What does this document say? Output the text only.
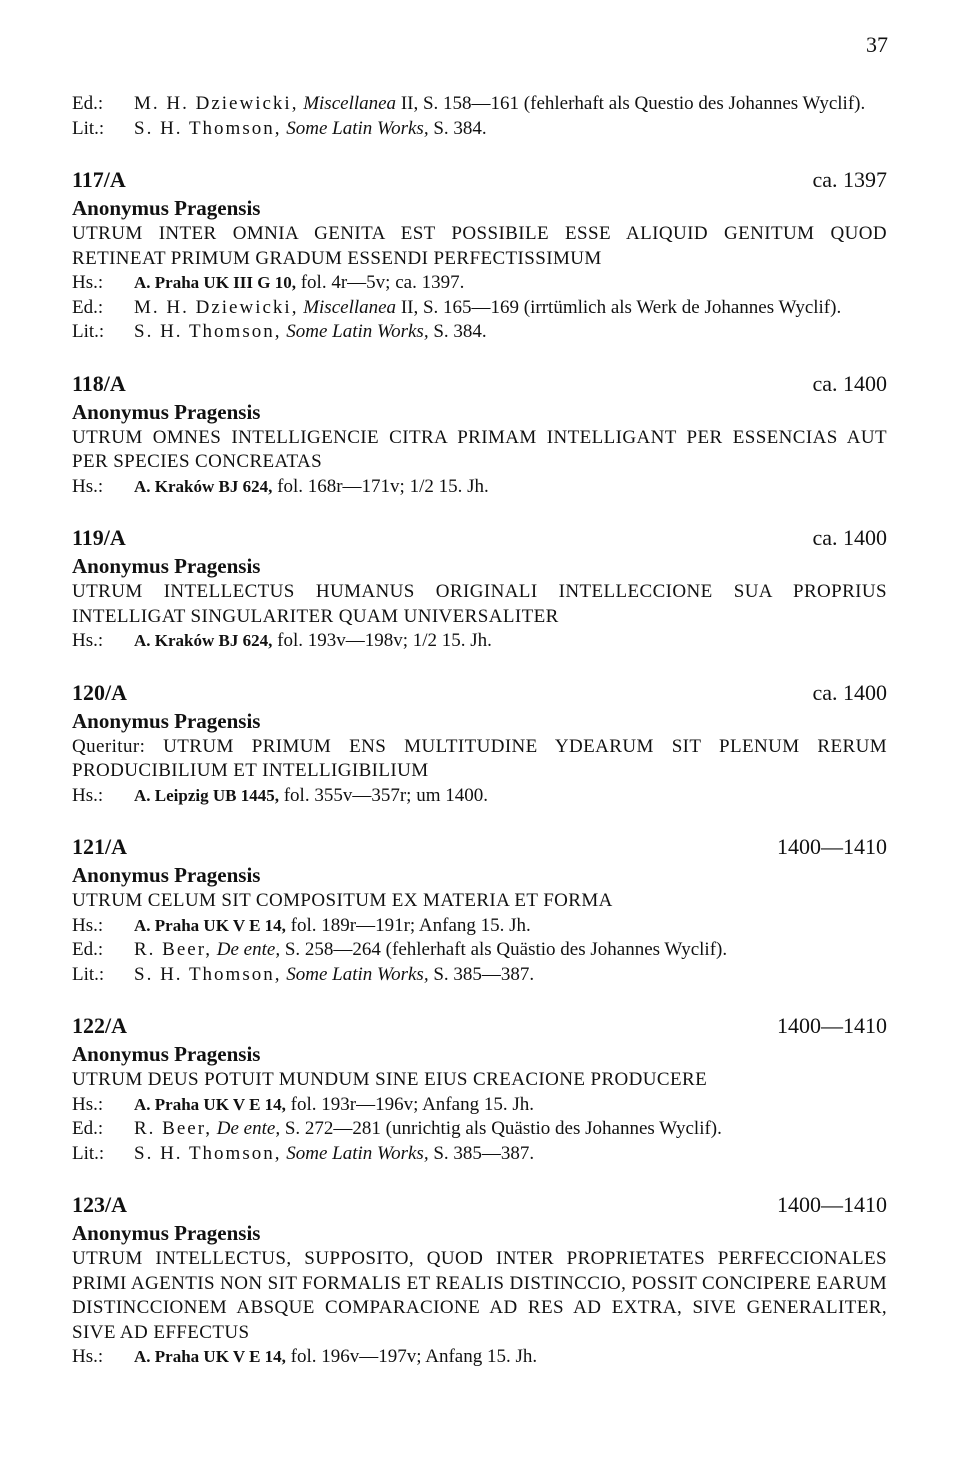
37
Ed.:	M. H. Dziewicki, Miscellanea II, S. 158—161 (fehlerhaft als Questio des Johannes Wyclif).
Lit.:	S. H. Thomson, Some Latin Works, S. 384.
117/A	ca. 1397
Anonymus Pragensis
UTRUM INTER OMNIA GENITA EST POSSIBILE ESSE ALIQUID GENITUM QUOD RETINEAT PRIMUM GRADUM ESSENDI PERFECTISSIMUM
Hs.:	A. Praha UK III G 10, fol. 4r—5v; ca. 1397.
Ed.:	M. H. Dziewicki, Miscellanea II, S. 165—169 (irrtümlich als Werk de Johannes Wyclif).
Lit.:	S. H. Thomson, Some Latin Works, S. 384.
118/A	ca. 1400
Anonymus Pragensis
UTRUM OMNES INTELLIGENCIE CITRA PRIMAM INTELLIGANT PER ESSENCIAS AUT PER SPECIES CONCREATAS
Hs.:	A. Kraków BJ 624, fol. 168r—171v; 1/2 15. Jh.
119/A	ca. 1400
Anonymus Pragensis
UTRUM INTELLECTUS HUMANUS ORIGINALI INTELLECCIONE SUA PROPRIUS INTELLIGAT SINGULARITER QUAM UNIVERSALITER
Hs.:	A. Kraków BJ 624, fol. 193v—198v; 1/2 15. Jh.
120/A	ca. 1400
Anonymus Pragensis
Queritur: UTRUM PRIMUM ENS MULTITUDINE YDEARUM SIT PLENUM RERUM PRODUCIBILIUM ET INTELLIGIBILIUM
Hs.:	A. Leipzig UB 1445, fol. 355v—357r; um 1400.
121/A	1400—1410
Anonymus Pragensis
UTRUM CELUM SIT COMPOSITUM EX MATERIA ET FORMA
Hs.:	A. Praha UK V E 14, fol. 189r—191r; Anfang 15. Jh.
Ed.:	R. Beer, De ente, S. 258—264 (fehlerhaft als Quästio des Johannes Wyclif).
Lit.:	S. H. Thomson, Some Latin Works, S. 385—387.
122/A	1400—1410
Anonymus Pragensis
UTRUM DEUS POTUIT MUNDUM SINE EIUS CREACIONE PRODUCERE
Hs.:	A. Praha UK V E 14, fol. 193r—196v; Anfang 15. Jh.
Ed.:	R. Beer, De ente, S. 272—281 (unrichtig als Quästio des Johannes Wyclif).
Lit.:	S. H. Thomson, Some Latin Works, S. 385—387.
123/A	1400—1410
Anonymus Pragensis
UTRUM INTELLECTUS, SUPPOSITO, QUOD INTER PROPRIETATES PERFECCIONALES PRIMI AGENTIS NON SIT FORMALIS ET REALIS DISTINCCIO, POSSIT CONCIPERE EARUM DISTINCCIONEM ABSQUE COMPARACIONE AD RES AD EXTRA, SIVE GENERALITER, SIVE AD EFFECTUS
Hs.:	A. Praha UK V E 14, fol. 196v—197v; Anfang 15. Jh.
